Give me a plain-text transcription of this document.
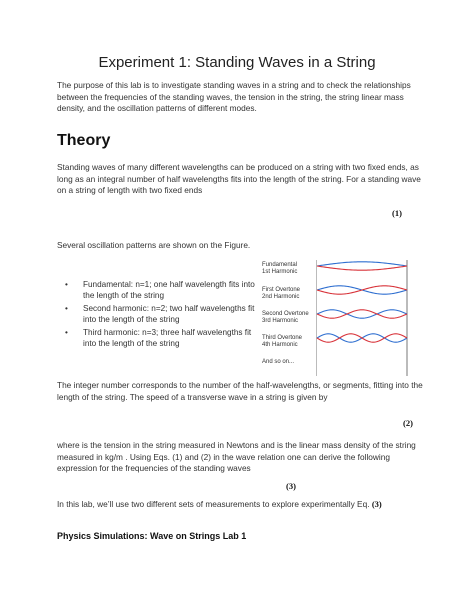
Experiment 1: Standing Waves in a String
The purpose of this lab is to investigate standing waves in a string and to check the relationships between the frequencies of the standing waves, the tension in the string, the string linear mass density, and the oscillation patterns of different modes.
Theory
Standing waves of many different wavelengths can be produced on a string with two fixed ends, as long as an integral number of half wavelengths fits into the length of the string. For a standing wave on a string of length with two fixed ends
(1)
Several oscillation patterns are shown on the Figure.
• Fundamental: n=1; one half wavelength fits into the length of the string
• Second harmonic: n=2; two half wavelengths fit into the length of the string
• Third harmonic: n=3; three half wavelengths fit into the length of the string
Fundamental
1st Harmonic
First Overtone
2nd Harmonic
Second Overtone
3rd Harmonic
Third Overtone
4th Harmonic
And so on...
The integer number corresponds to the number of the half-wavelengths, or segments, fitting into the length of the string. The speed of a transverse wave in a string is given by
(2)
where is the tension in the string measured in Newtons and is the linear mass density of the string measured in kg/m . Using Eqs. (1) and (2) in the wave relation one can derive the following expression for the frequencies of the standing waves
(3)
In this lab, we’ll use two different sets of measurements to explore experimentally Eq. (3)
Physics Simulations: Wave on Strings Lab 1
